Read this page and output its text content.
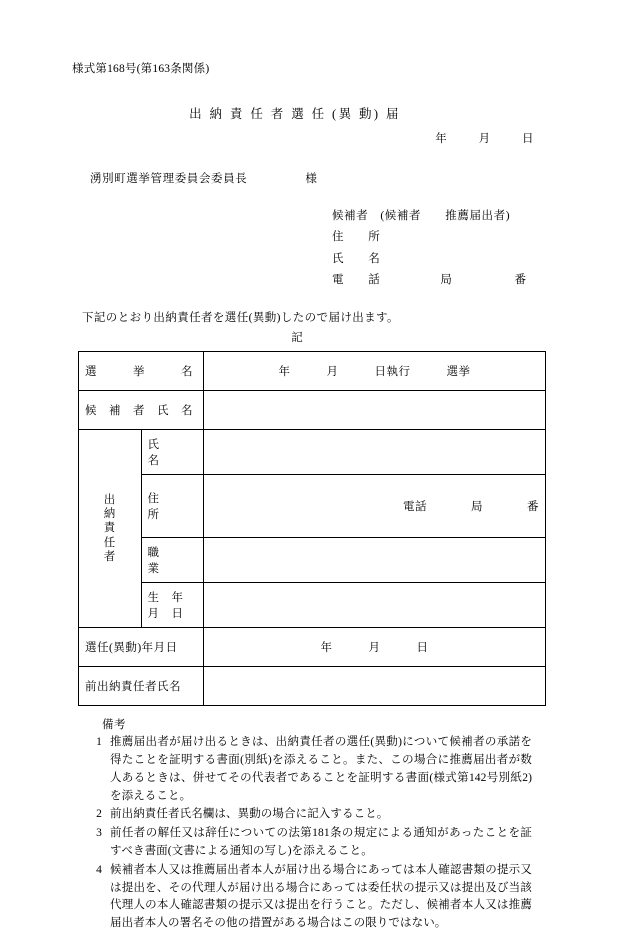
様式第168号(第163条関係)
出 納 責 任 者 選 任 (異 動) 届
年	月	日
湧別町選挙管理委員会委員長	様
候補者 (候補者　　推薦届出者)
住　　所
氏　　名
電　　話	局	番
下記のとおり出納責任者を選任(異動)したので届け出ます。
記
選　　　挙　　　名		年　　　月　　　日執行　　　選挙
候　補　者　氏　名		
出
納
責
任
者	氏　　　名	
	住　　　所	電話 局 番
	職　　　業	
	生　年　月　日	
選任(異動)年月日		年　　　月　　　日
前出納責任者氏名		
備考
1 推薦届出者が届け出るときは、出納責任者の選任(異動)について候補者の承諾を得たことを証明する書面(別紙)を添えること。また、この場合に推薦届出者が数人あるときは、併せてその代表者であることを証明する書面(様式第142号別紙2)を添えること。
2 前出納責任者氏名欄は、異動の場合に記入すること。
3 前任者の解任又は辞任についての法第181条の規定による通知があったことを証すべき書面(文書による通知の写し)を添えること。
4 候補者本人又は推薦届出者本人が届け出る場合にあっては本人確認書類の提示又は提出を、その代理人が届け出る場合にあっては委任状の提示又は提出及び当該代理人の本人確認書類の提示又は提出を行うこと。ただし、候補者本人又は推薦届出者本人の署名その他の措置がある場合はこの限りではない。
